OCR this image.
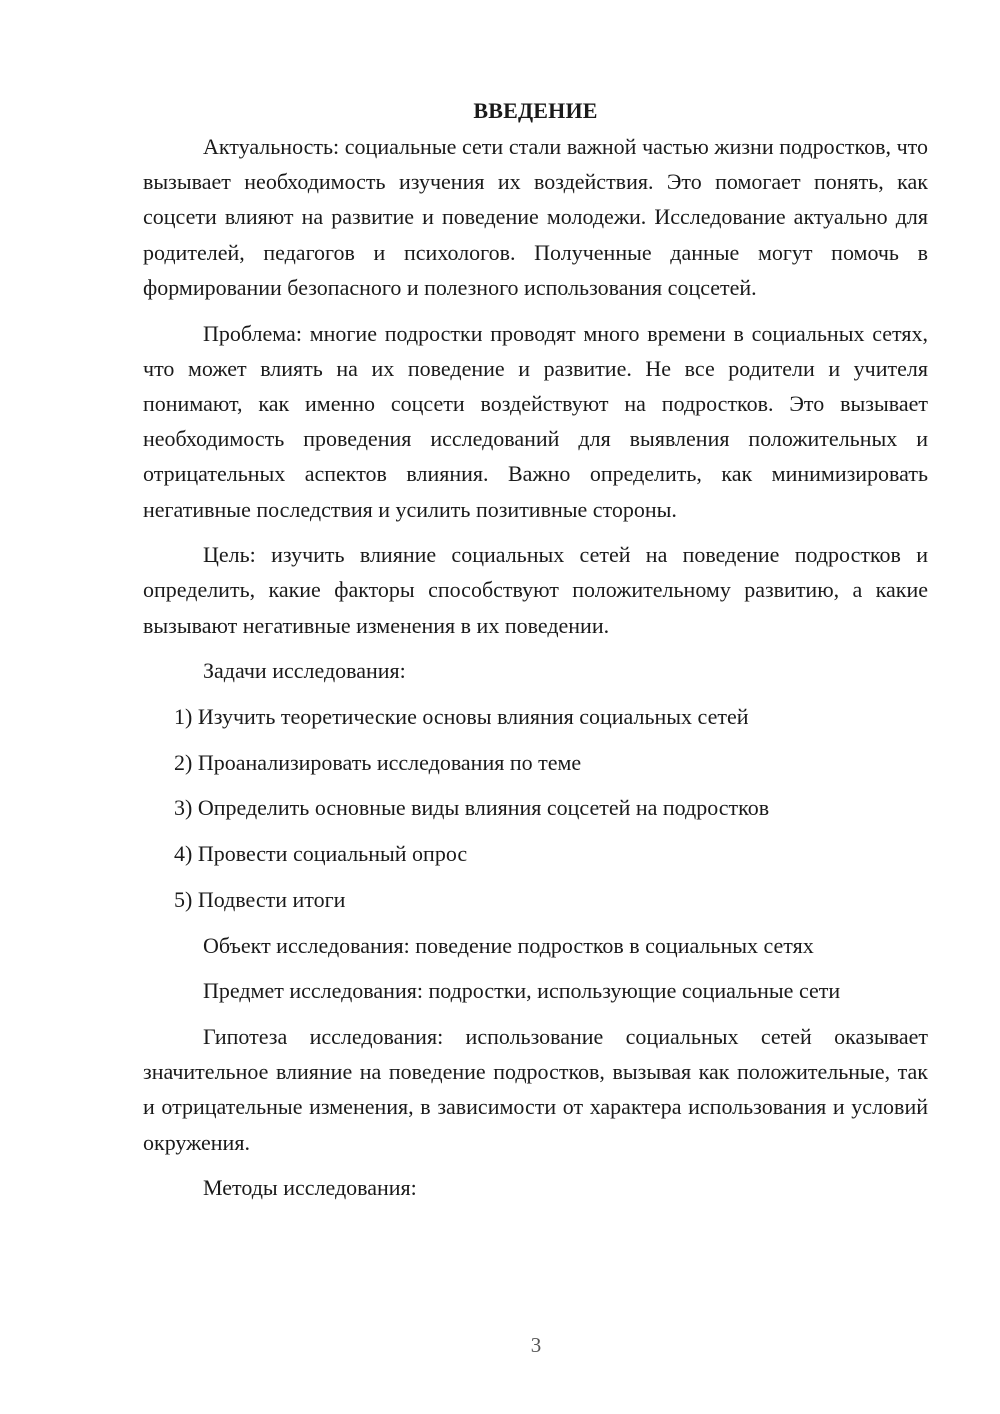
ВВЕДЕНИЕ

Актуальность: социальные сети стали важной частью жизни подростков, что вызывает необходимость изучения их воздействия. Это помогает понять, как соцсети влияют на развитие и поведение молодежи. Исследование актуально для родителей, педагогов и психологов. Полученные данные могут помочь в формировании безопасного и полезного использования соцсетей.

Проблема: многие подростки проводят много времени в социальных сетях, что может влиять на их поведение и развитие. Не все родители и учителя понимают, как именно соцсети воздействуют на подростков. Это вызывает необходимость проведения исследований для выявления положительных и отрицательных аспектов влияния. Важно определить, как минимизировать негативные последствия и усилить позитивные стороны.

Цель: изучить влияние социальных сетей на поведение подростков и определить, какие факторы способствуют положительному развитию, а какие вызывают негативные изменения в их поведении.

Задачи исследования:

1) Изучить теоретические основы влияния социальных сетей

2) Проанализировать исследования по теме

3) Определить основные виды влияния соцсетей на подростков

4) Провести социальный опрос

5) Подвести итоги

Объект исследования: поведение подростков в социальных сетях

Предмет исследования: подростки, использующие социальные сети

Гипотеза исследования: использование социальных сетей оказывает значительное влияние на поведение подростков, вызывая как положительные, так и отрицательные изменения, в зависимости от характера использования и условий окружения.

Методы исследования:

3
